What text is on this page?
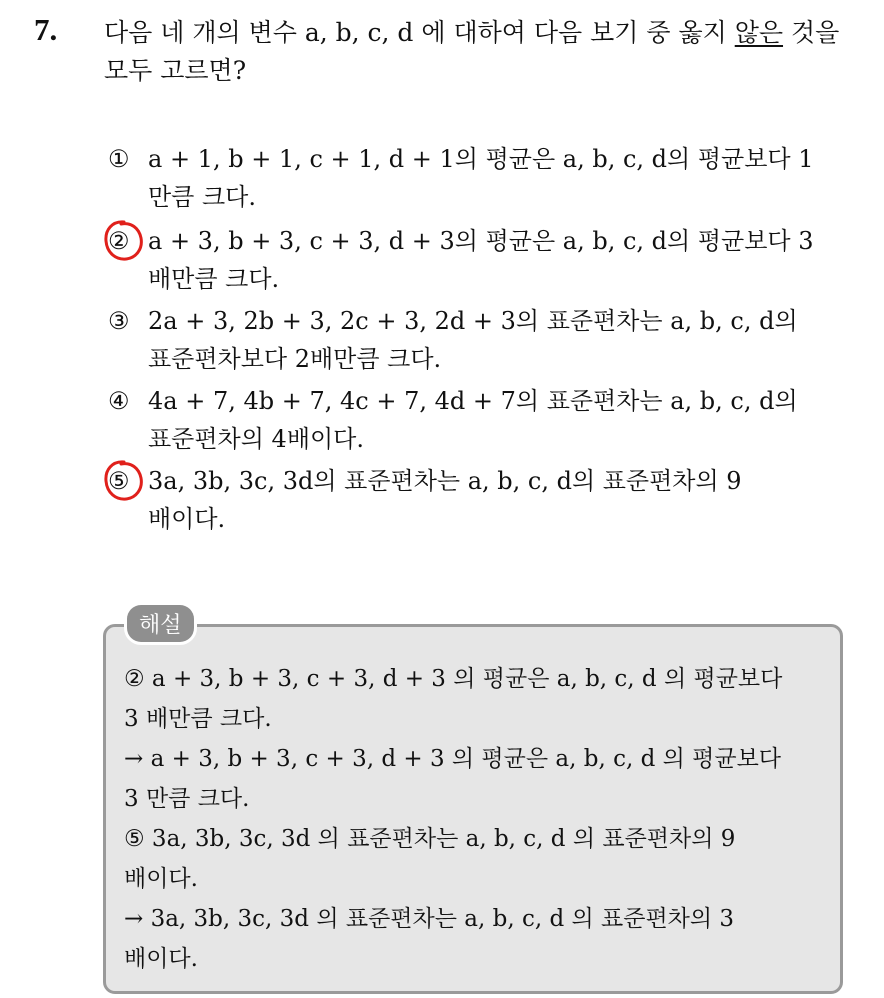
7. 다음 네 개의 변수 a, b, c, d 에 대하여 다음 보기 중 옳지 않은 것을
모두 고르면?
① a + 1, b + 1, c + 1, d + 1의 평균은 a, b, c, d의 평균보다 1
만큼 크다.
② a + 3, b + 3, c + 3, d + 3의 평균은 a, b, c, d의 평균보다 3
배만큼 크다.
③ 2a + 3, 2b + 3, 2c + 3, 2d + 3의 표준편차는 a, b, c, d의
표준편차보다 2배만큼 크다.
④ 4a + 7, 4b + 7, 4c + 7, 4d + 7의 표준편차는 a, b, c, d의
표준편차의 4배이다.
⑤ 3a, 3b, 3c, 3d의 표준편차는 a, b, c, d의 표준편차의 9
배이다.
해설
② a + 3, b + 3, c + 3, d + 3 의 평균은 a, b, c, d 의 평균보다
3 배만큼 크다.
→ a + 3, b + 3, c + 3, d + 3 의 평균은 a, b, c, d 의 평균보다
3 만큼 크다.
⑤ 3a, 3b, 3c, 3d 의 표준편차는 a, b, c, d 의 표준편차의 9
배이다.
→ 3a, 3b, 3c, 3d 의 표준편차는 a, b, c, d 의 표준편차의 3
배이다.
